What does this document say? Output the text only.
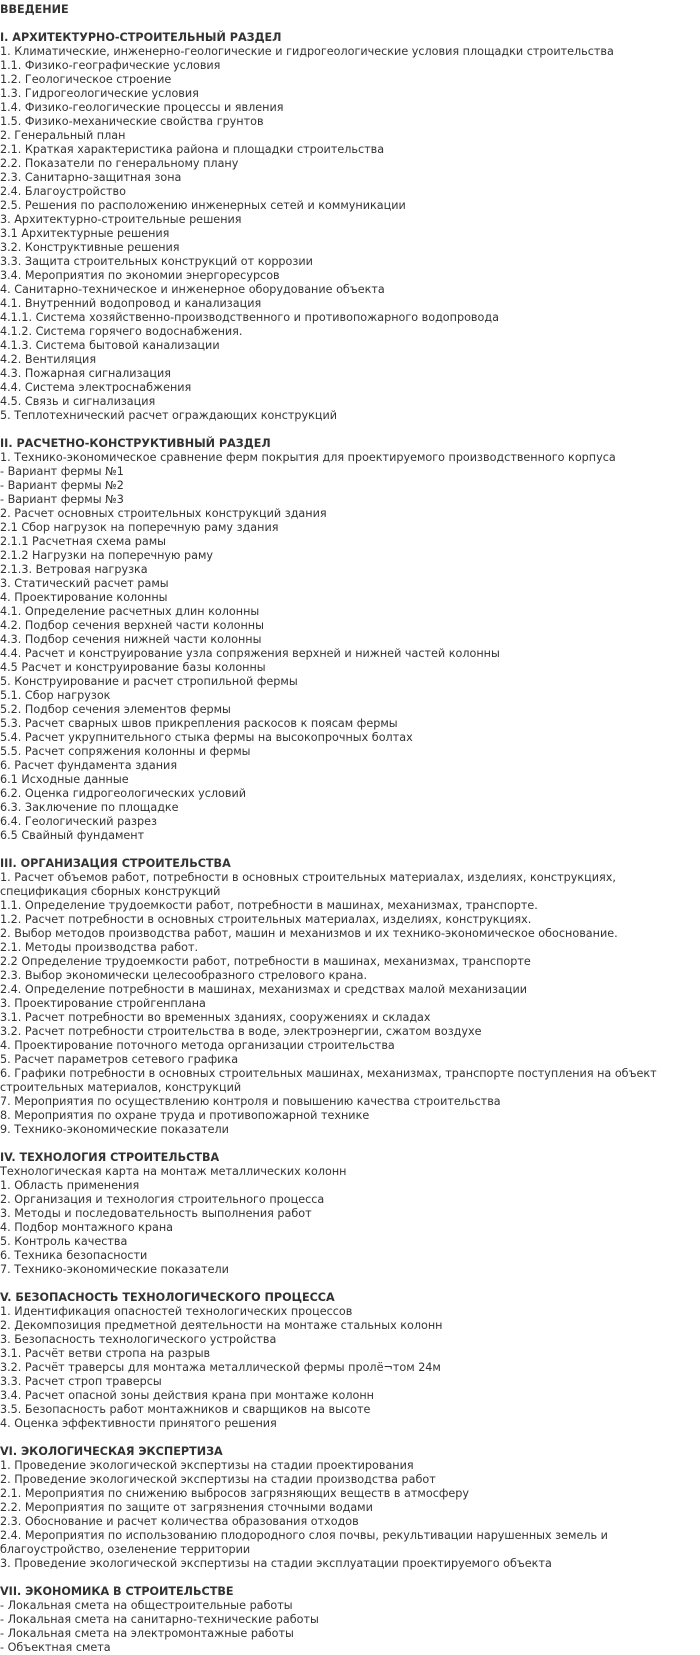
ВВЕДЕНИЕ
I. АРХИТЕКТУРНО-СТРОИТЕЛЬНЫЙ РАЗДЕЛ
1. Климатические, инженерно-геологические и гидрогеологические условия площадки строительства
1.1. Физико-географические условия
1.2. Геологическое строение
1.3. Гидрогеологические условия
1.4. Физико-геологические процессы и явления
1.5. Физико-механические свойства грунтов
2. Генеральный план
2.1. Краткая характеристика района и площадки строительства
2.2. Показатели по генеральному плану
2.3. Санитарно-защитная зона
2.4. Благоустройство
2.5. Решения по расположению инженерных сетей и коммуникации
3. Архитектурно-строительные решения
3.1 Архитектурные решения
3.2. Конструктивные решения
3.3. Защита строительных конструкций от коррозии
3.4. Мероприятия по экономии энергоресурсов
4. Санитарно-техническое и инженерное оборудование объекта
4.1. Внутренний водопровод и канализация
4.1.1. Система хозяйственно-производственного и противопожарного водопровода
4.1.2. Система горячего водоснабжения.
4.1.3. Система бытовой канализации
4.2. Вентиляция
4.3. Пожарная сигнализация
4.4. Система электроснабжения
4.5. Связь и сигнализация
5. Теплотехнический расчет ограждающих конструкций
II. РАСЧЕТНО-КОНСТРУКТИВНЫЙ РАЗДЕЛ
1. Технико-экономическое сравнение ферм покрытия для проектируемого производственного корпуса
- Вариант фермы №1
- Вариант фермы №2
- Вариант фермы №3
2. Расчет основных строительных конструкций здания
2.1 Сбор нагрузок на поперечную раму здания
2.1.1 Расчетная схема рамы
2.1.2 Нагрузки на поперечную раму
2.1.3. Ветровая нагрузка
3. Статический расчет рамы
4. Проектирование колонны
4.1. Определение расчетных длин колонны
4.2. Подбор сечения верхней части колонны
4.3. Подбор сечения нижней части колонны
4.4. Расчет и конструирование узла сопряжения верхней и нижней частей колонны
4.5 Расчет и конструирование базы колонны
5. Конструирование и расчет стропильной фермы
5.1. Сбор нагрузок
5.2. Подбор сечения элементов фермы
5.3. Расчет сварных швов прикрепления раскосов к поясам фермы
5.4. Расчет укрупнительного стыка фермы на высокопрочных болтах
5.5. Расчет сопряжения колонны и фермы
6. Расчет фундамента здания
6.1 Исходные данные
6.2. Оценка гидрогеологических условий
6.3. Заключение по площадке
6.4. Геологический разрез
6.5 Свайный фундамент
III. ОРГАНИЗАЦИЯ СТРОИТЕЛЬСТВА
1. Расчет объемов работ, потребности в основных строительных материалах, изделиях, конструкциях, спецификация сборных конструкций
1.1. Определение трудоемкости работ, потребности в машинах, механизмах, транспорте.
1.2. Расчет потребности в основных строительных материалах, изделиях, конструкциях.
2. Выбор методов производства работ, машин и механизмов и их технико-экономическое обоснование.
2.1. Методы производства работ.
2.2 Определение трудоемкости работ, потребности в машинах, механизмах, транспорте
2.3. Выбор экономически целесообразного стрелового крана.
2.4. Определение потребности в машинах, механизмах и средствах малой механизации
3. Проектирование стройгенплана
3.1. Расчет потребности во временных зданиях, сооружениях и складах
3.2. Расчет потребности строительства в воде, электроэнергии, сжатом воздухе
4. Проектирование поточного метода организации строительства
5. Расчет параметров сетевого графика
6. Графики потребности в основных строительных машинах, механизмах, транспорте поступления на объект строительных материалов, конструкций
7. Мероприятия по осуществлению контроля и повышению качества строительства
8. Мероприятия по охране труда и противопожарной технике
9. Технико-экономические показатели
IV. ТЕХНОЛОГИЯ СТРОИТЕЛЬСТВА
Технологическая карта на монтаж металлических колонн
1. Область применения
2. Организация и технология строительного процесса
3. Методы и последовательность выполнения работ
4. Подбор монтажного крана
5. Контроль качества
6. Техника безопасности
7. Технико-экономические показатели
V. БЕЗОПАСНОСТЬ ТЕХНОЛОГИЧЕСКОГО ПРОЦЕССА
1. Идентификация опасностей технологических процессов
2. Декомпозиция предметной деятельности на монтаже стальных колонн
3. Безопасность технологического устройства
3.1. Расчёт ветви стропа на разрыв
3.2. Расчёт траверсы для монтажа металлической фермы пролё¬том 24м
3.3. Расчет строп траверсы
3.4. Расчет опасной зоны действия крана при монтаже колонн
3.5. Безопасность работ монтажников и сварщиков на высоте
4. Оценка эффективности принятого решения
VI. ЭКОЛОГИЧЕСКАЯ ЭКСПЕРТИЗА
1. Проведение экологической экспертизы на стадии проектирования
2. Проведение экологической экспертизы на стадии производства работ
2.1. Мероприятия по снижению выбросов загрязняющих веществ в атмосферу
2.2. Мероприятия по защите от загрязнения сточными водами
2.3. Обоснование и расчет количества образования отходов
2.4. Мероприятия по использованию плодородного слоя почвы, рекультивации нарушенных земель и благоустройство, озеленение территории
3. Проведение экологической экспертизы на стадии эксплуатации проектируемого объекта
VII. ЭКОНОМИКА В СТРОИТЕЛЬСТВЕ
- Локальная смета на общестроительные работы
- Локальная смета на санитарно-технические работы
- Локальная смета на электромонтажные работы
- Объектная смета
